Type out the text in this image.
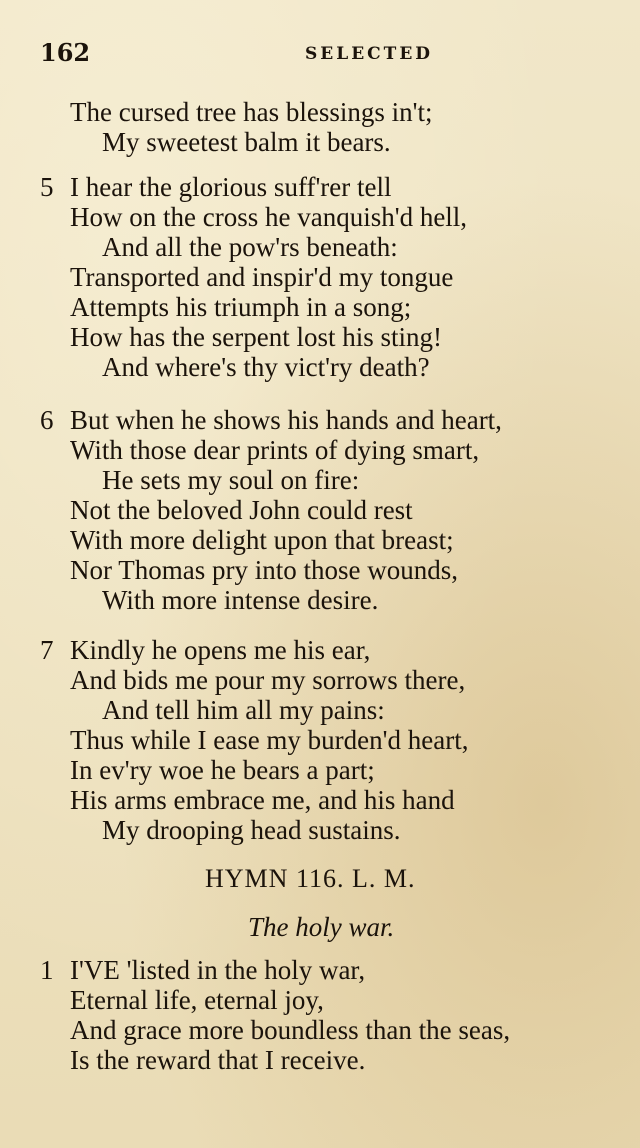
162	SELECTED
The cursed tree has blessings in't;
My sweetest balm it bears.
5 I hear the glorious suff'rer tell
How on the cross he vanquish'd hell,
And all the pow'rs beneath:
Transported and inspir'd my tongue
Attempts his triumph in a song;
How has the serpent lost his sting!
And where's thy vict'ry death?
6 But when he shows his hands and heart,
With those dear prints of dying smart,
He sets my soul on fire:
Not the beloved John could rest
With more delight upon that breast;
Nor Thomas pry into those wounds,
With more intense desire.
7 Kindly he opens me his ear,
And bids me pour my sorrows there,
And tell him all my pains:
Thus while I ease my burden'd heart,
In ev'ry woe he bears a part;
His arms embrace me, and his hand
My drooping head sustains.
HYMN 116. L. M.
The holy war.
1 I'VE 'listed in the holy war,
Eternal life, eternal joy,
And grace more boundless than the seas,
Is the reward that I receive.
